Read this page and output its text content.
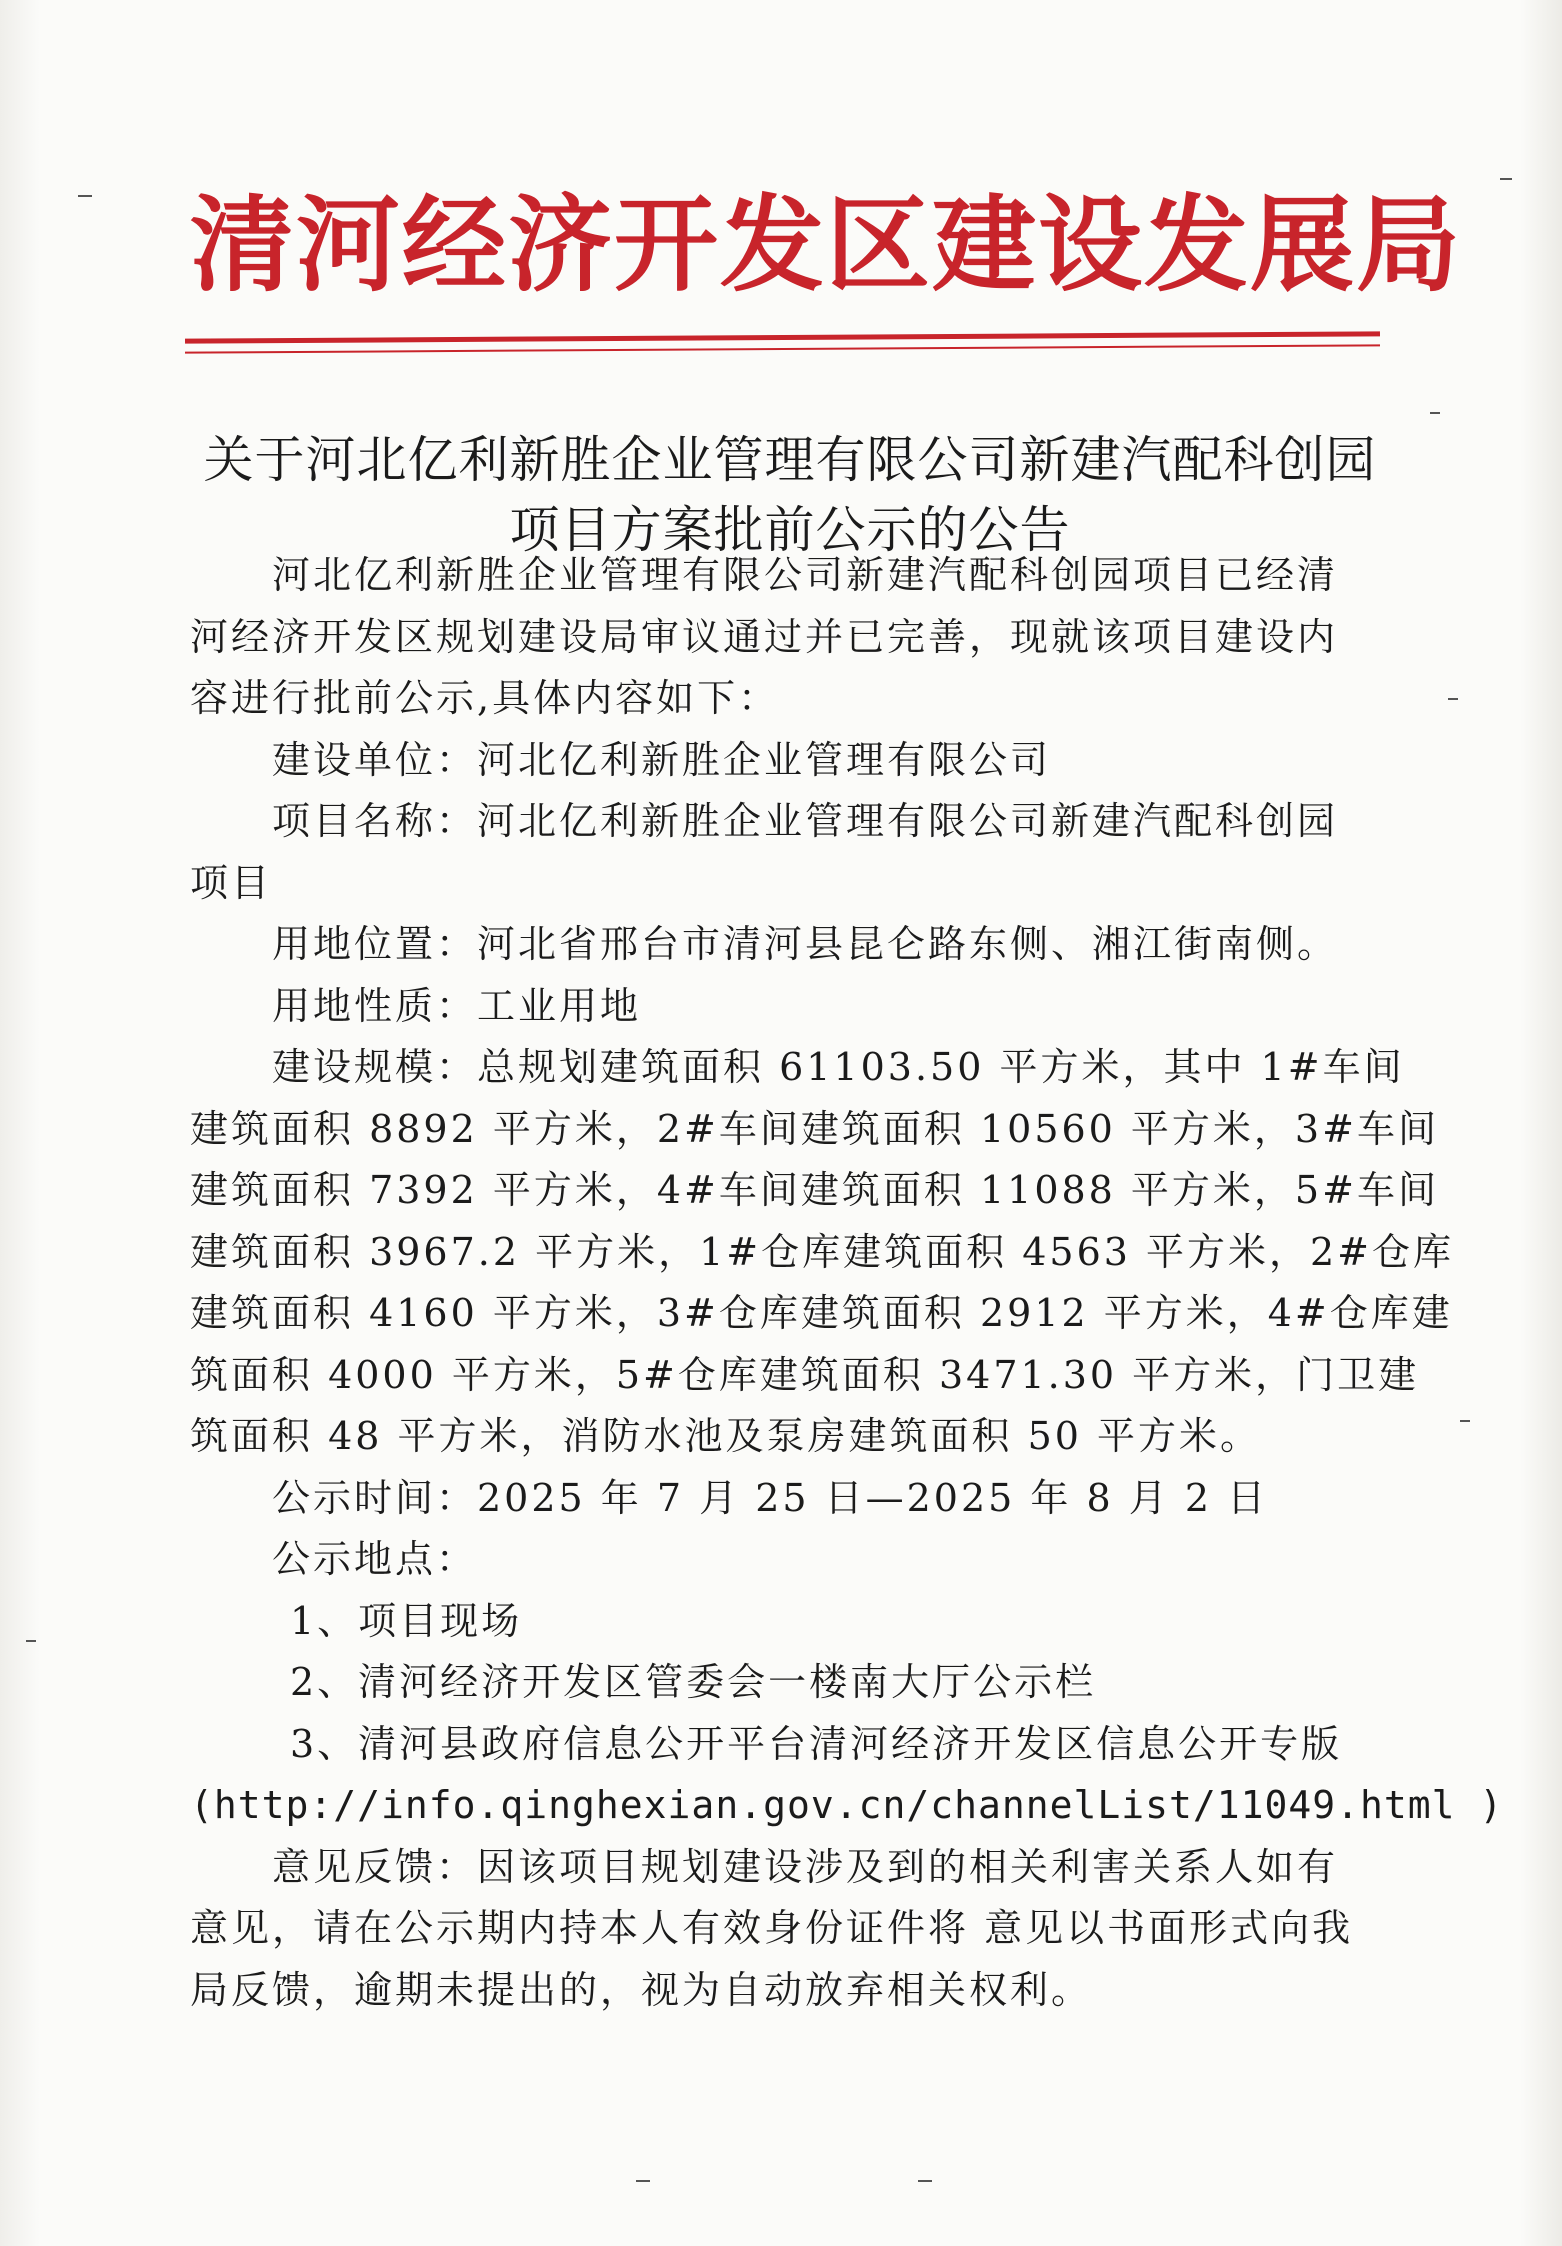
清河经济开发区建设发展局
关于河北亿利新胜企业管理有限公司新建汽配科创园
项目方案批前公示的公告
河北亿利新胜企业管理有限公司新建汽配科创园项目已经清
河经济开发区规划建设局审议通过并已完善，现就该项目建设内
容进行批前公示,具体内容如下：
建设单位：河北亿利新胜企业管理有限公司
项目名称：河北亿利新胜企业管理有限公司新建汽配科创园
项目
用地位置：河北省邢台市清河县昆仑路东侧、湘江街南侧。
用地性质：工业用地
建设规模：总规划建筑面积 61103.50 平方米，其中 1#车间
建筑面积 8892 平方米，2#车间建筑面积 10560 平方米，3#车间
建筑面积 7392 平方米，4#车间建筑面积 11088 平方米，5#车间
建筑面积 3967.2 平方米，1#仓库建筑面积 4563 平方米，2#仓库
建筑面积 4160 平方米，3#仓库建筑面积 2912 平方米，4#仓库建
筑面积 4000 平方米，5#仓库建筑面积 3471.30 平方米，门卫建
筑面积 48 平方米，消防水池及泵房建筑面积 50 平方米。
公示时间：2025 年 7 月 25 日—2025 年 8 月 2 日
公示地点：
1、项目现场
2、清河经济开发区管委会一楼南大厅公示栏
3、清河县政府信息公开平台清河经济开发区信息公开专版
(http://info.qinghexian.gov.cn/channelList/11049.html )
意见反馈：因该项目规划建设涉及到的相关利害关系人如有
意见，请在公示期内持本人有效身份证件将 意见以书面形式向我
局反馈，逾期未提出的，视为自动放弃相关权利。
